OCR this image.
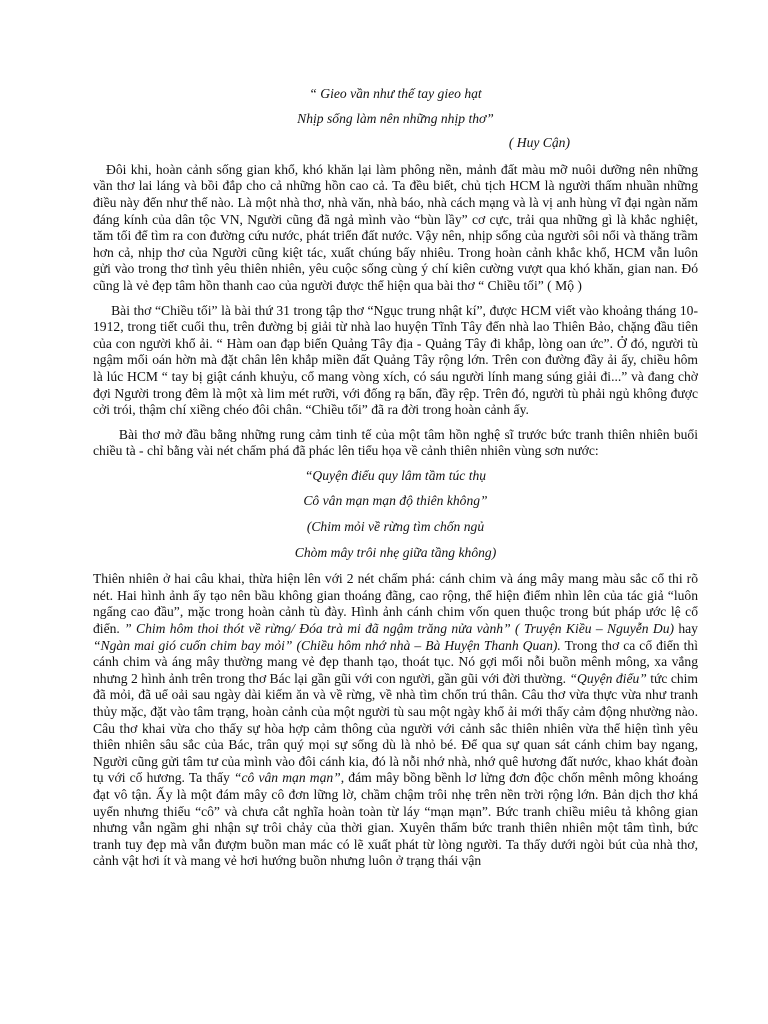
“ Gieo vần như thế tay gieo hạt

Nhịp sống làm nên những nhịp thơ”

( Huy Cận)

Đôi khi, hoàn cảnh sống gian khổ, khó khăn lại làm phông nền, mảnh đất màu mỡ nuôi dưỡng nên những vần thơ lai láng và bồi đắp cho cả những hồn cao cả. Ta đều biết, chủ tịch HCM là người thấm nhuần những điều này đến như thế nào. Là một nhà thơ, nhà văn, nhà báo, nhà cách mạng và là vị anh hùng vĩ đại ngàn năm đáng kính của dân tộc VN, Người cũng đã ngả mình vào “bùn lầy” cơ cực, trải qua những gì là khắc nghiệt, tăm tối để tìm ra con đường cứu nước, phát triển đất nước. Vậy nên, nhịp sống của người sôi nổi và thăng trầm hơn cả, nhịp thơ của Người cũng kiệt tác, xuất chúng bấy nhiêu. Trong hoàn cảnh khắc khổ, HCM vẫn luôn gửi vào trong thơ tình yêu thiên nhiên, yêu cuộc sống cùng ý chí kiên cường vượt qua khó khăn, gian nan. Đó cũng là vẻ đẹp tâm hồn thanh cao của người được thể hiện qua bài thơ “ Chiều tối” ( Mộ )

Bài thơ “Chiều tối” là bài thứ 31 trong tập thơ “Ngục trung nhật kí”, được HCM viết vào khoảng tháng 10-1912, trong tiết cuối thu, trên đường bị giải từ nhà lao huyện Tĩnh Tây đến nhà lao Thiên Bảo, chặng đầu tiên của con người khổ ải. “ Hàm oan đạp biến Quảng Tây địa - Quảng Tây đi khắp, lòng oan ức”. Ở đó, người tù ngậm mối oán hờn mà đặt chân lên khắp miền đất Quảng Tây rộng lớn. Trên con đường đầy ải ấy, chiều hôm là lúc HCM “ tay bị giật cánh khuỷu, cổ mang vòng xích, có sáu người lính mang súng giải đi...” và đang chờ đợi Người trong đêm là một xà lim mét rưỡi, với đống rạ bẩn, đầy rệp. Trên đó, người tù phải ngủ không được cởi trói, thậm chí xiềng chéo đôi chân. “Chiều tối” đã ra đời trong hoàn cảnh ấy.

Bài thơ mở đầu bằng những rung cảm tinh tế của một tâm hồn nghệ sĩ trước bức tranh thiên nhiên buổi chiều tà - chỉ bằng vài nét chấm phá đã phác lên tiểu họa về cảnh thiên nhiên vùng sơn nước:

“Quyện điểu quy lâm tầm túc thụ

Cô vân mạn mạn độ thiên không”

(Chim mỏi về rừng tìm chốn ngủ

Chòm mây trôi nhẹ giữa tầng không)

Thiên nhiên ở hai câu khai, thừa hiện lên với 2 nét chấm phá: cánh chim và áng mây mang màu sắc cổ thi rõ nét. Hai hình ảnh ấy tạo nên bầu không gian thoáng đãng, cao rộng, thể hiện điểm nhìn lên của tác giả “luôn ngẩng cao đầu”, mặc trong hoàn cảnh tù đày. Hình ảnh cánh chim vốn quen thuộc trong bút pháp ước lệ cổ điển. ” Chim hôm thoi thót về rừng/ Đóa trà mi đã ngậm trăng nửa vành” ( Truyện Kiều – Nguyễn Du) hay “Ngàn mai gió cuốn chim bay mỏi” (Chiều hôm nhớ nhà – Bà Huyện Thanh Quan). Trong thơ ca cổ điển thì cánh chim và áng mây thường mang vẻ đẹp thanh tạo, thoát tục. Nó gợi mối nỗi buồn mênh mông, xa vắng nhưng 2 hình ảnh trên trong thơ Bác lại gần gũi với con người, gần gũi với đời thường. “Quyện điểu” tức chim đã mỏi, đã uể oải sau ngày dài kiếm ăn và về rừng, về nhà tìm chốn trú thân. Câu thơ vừa thực vừa như tranh thủy mặc, đặt vào tâm trạng, hoàn cảnh của một người tù sau một ngày khổ ải mới thấy cảm động nhường nào. Câu thơ khai vừa cho thấy sự hòa hợp cảm thông của người với cảnh sắc thiên nhiên vừa thể hiện tình yêu thiên nhiên sâu sắc của Bác, trân quý mọi sự sống dù là nhỏ bé. Để qua sự quan sát cánh chim bay ngang, Người cũng gửi tâm tư của mình vào đôi cánh kia, đó là nỗi nhớ nhà, nhớ quê hương đất nước, khao khát đoàn tụ với cố hương. Ta thấy “cô vân mạn mạn”, đám mây bồng bềnh lơ lửng đơn độc chốn mênh mông khoáng đạt vô tận. Ấy là một đám mây cô đơn lững lờ, chầm chậm trôi nhẹ trên nền trời rộng lớn. Bản dịch thơ khá uyển nhưng thiếu “cô” và chưa cắt nghĩa hoàn toàn từ láy “mạn mạn”. Bức tranh chiều miêu tả không gian nhưng vẫn ngầm ghi nhận sự trôi chảy của thời gian. Xuyên thấm bức tranh thiên nhiên một tâm tình, bức tranh tuy đẹp mà vẫn đượm buồn man mác có lẽ xuất phát từ lòng người. Ta thấy dưới ngòi bút của nhà thơ, cảnh vật hơi ít và mang vẻ hơi hướng buồn nhưng luôn ở trạng thái vận
